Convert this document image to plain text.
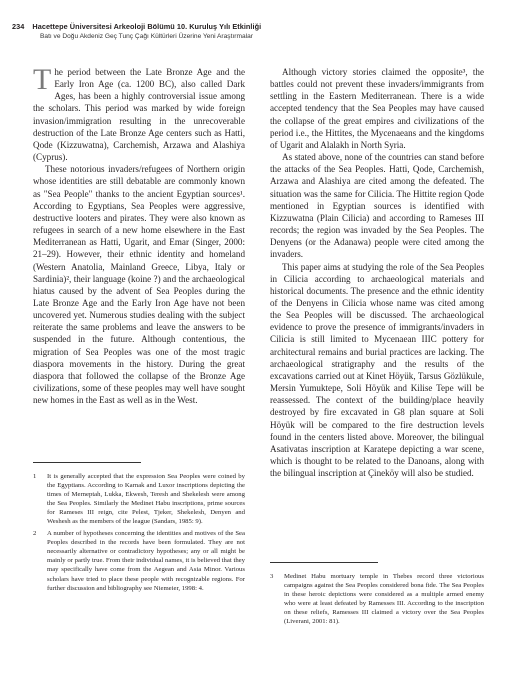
234 Hacettepe Üniversitesi Arkeoloji Bölümü 10. Kuruluş Yılı Etkinliği
Batı ve Doğu Akdeniz Geç Tunç Çağı Kültürleri Üzerine Yeni Araştırmalar

The period between the Late Bronze Age and the Early Iron Age (ca. 1200 BC), also called Dark Ages, has been a highly controversial issue among the scholars. This period was marked by wide foreign invasion/immigration resulting in the unrecoverable destruction of the Late Bronze Age centers such as Hatti, Qode (Kizzuwatna), Carchemish, Arzawa and Alashiya (Cyprus).

These notorious invaders/refugees of Northern origin whose identities are still debatable are commonly known as "Sea People" thanks to the ancient Egyptian sources¹. According to Egyptians, Sea Peoples were aggressive, destructive looters and pirates. They were also known as refugees in search of a new home elsewhere in the East Mediterranean as Hatti, Ugarit, and Emar (Singer, 2000: 21–29). However, their ethnic identity and homeland (Western Anatolia, Mainland Greece, Libya, Italy or Sardinia)², their language (koine ?) and the archaeological hiatus caused by the advent of Sea Peoples during the Late Bronze Age and the Early Iron Age have not been uncovered yet. Numerous studies dealing with the subject reiterate the same problems and leave the answers to be suspended in the future. Although contentious, the migration of Sea Peoples was one of the most tragic diaspora movements in the history. During the great diaspora that followed the collapse of the Bronze Age civilizations, some of these peoples may well have sought new homes in the East as well as in the West.

Although victory stories claimed the opposite³, the battles could not prevent these invaders/immigrants from settling in the Eastern Mediterranean. There is a wide accepted tendency that the Sea Peoples may have caused the collapse of the great empires and civilizations of the period i.e., the Hittites, the Mycenaeans and the kingdoms of Ugarit and Alalakh in North Syria.

As stated above, none of the countries can stand before the attacks of the Sea Peoples. Hatti, Qode, Carchemish, Arzawa and Alashiya are cited among the defeated. The situation was the same for Cilicia. The Hittite region Qode mentioned in Egyptian sources is identified with Kizzuwatna (Plain Cilicia) and according to Rameses III records; the region was invaded by the Sea Peoples. The Denyens (or the Adanawa) people were cited among the invaders.

This paper aims at studying the role of the Sea Peoples in Cilicia according to archaeological materials and historical documents. The presence and the ethnic identity of the Denyens in Cilicia whose name was cited among the Sea Peoples will be discussed. The archaeological evidence to prove the presence of immigrants/invaders in Cilicia is still limited to Mycenaean IIIC pottery for architectural remains and burial practices are lacking. The archaeological stratigraphy and the results of the excavations carried out at Kinet Höyük, Tarsus Gözlükule, Mersin Yumuktepe, Soli Höyük and Kilise Tepe will be reassessed. The context of the building/place heavily destroyed by fire excavated in G8 plan square at Soli Höyük will be compared to the fire destruction levels found in the centers listed above. Moreover, the bilingual Asativatas inscription at Karatepe depicting a war scene, which is thought to be related to the Danoans, along with the bilingual inscription at Çineköy will also be studied.

1	It is generally accepted that the expression Sea Peoples were coined by the Egyptians. According to Karnak and Luxor inscriptions depicting the times of Merneptah, Lukka, Ekwesh, Teresh and Shekelesh were among the Sea Peoples. Similarly the Medinet Habu inscriptions, prime sources for Rameses III reign, cite Pelest, Tjeker, Shekelesh, Denyen and Weshesh as the members of the league (Sandars, 1985: 9).
2	A number of hypotheses concerning the identities and motives of the Sea Peoples described in the records have been formulated. They are not necessarily alternative or contradictory hypotheses; any or all might be mainly or partly true. From their individual names, it is believed that they may specifically have come from the Aegean and Asia Minor. Various scholars have tried to place these people with recognizable regions. For further discussion and bibliography see Niemeier, 1998: 4.
3	Medinet Habu mortuary temple in Thebes record three victorious campaigns against the Sea Peoples considered bona fide. The Sea Peoples in these heroic depictions were considered as a multiple armed enemy who were at least defeated by Ramesses III. According to the inscription on these reliefs, Ramesses III claimed a victory over the Sea Peoples (Liverani, 2001: 81).
